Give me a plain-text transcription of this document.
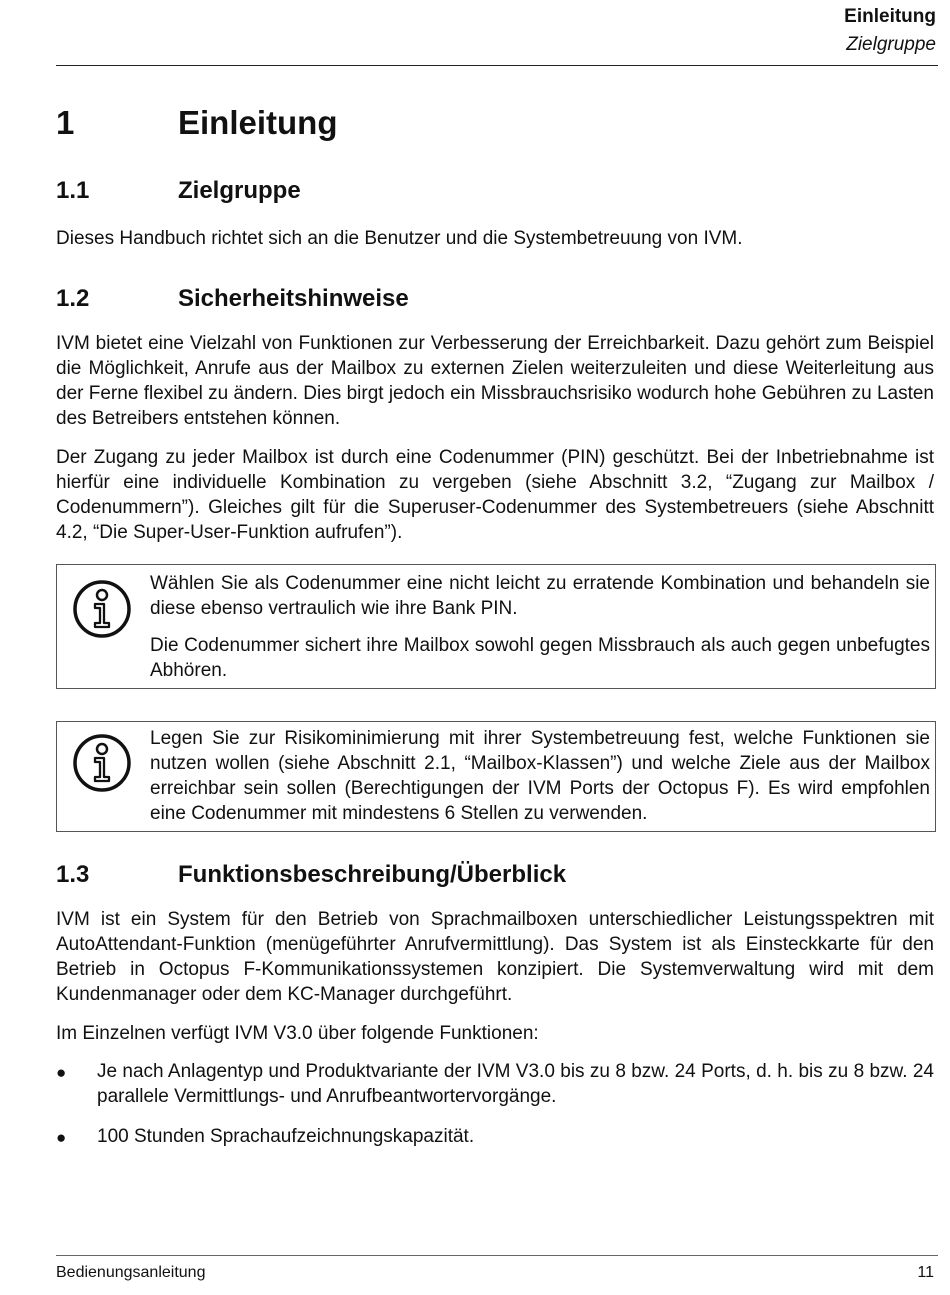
Einleitung
Zielgruppe
1	Einleitung
1.1	Zielgruppe
Dieses Handbuch richtet sich an die Benutzer und die Systembetreuung von IVM.
1.2	Sicherheitshinweise
IVM bietet eine Vielzahl von Funktionen zur Verbesserung der Erreichbarkeit. Dazu gehört zum Beispiel die Möglichkeit, Anrufe aus der Mailbox zu externen Zielen weiterzuleiten und diese Weiterleitung aus der Ferne flexibel zu ändern. Dies birgt jedoch ein Missbrauchsrisiko wodurch hohe Gebühren zu Lasten des Betreibers entstehen können.
Der Zugang zu jeder Mailbox ist durch eine Codenummer (PIN) geschützt. Bei der Inbetriebnahme ist hierfür eine individuelle Kombination zu vergeben (siehe Abschnitt 3.2, “Zugang zur Mailbox / Codenummern”). Gleiches gilt für die Superuser-Codenummer des Systembetreuers (siehe Abschnitt 4.2, “Die Super-User-Funktion aufrufen”).
Wählen Sie als Codenummer eine nicht leicht zu erratende Kombination und behandeln sie diese ebenso vertraulich wie ihre Bank PIN.
Die Codenummer sichert ihre Mailbox sowohl gegen Missbrauch als auch gegen unbefugtes Abhören.
Legen Sie zur Risikominimierung mit ihrer Systembetreuung fest, welche Funktionen sie nutzen wollen (siehe Abschnitt 2.1, “Mailbox-Klassen”) und welche Ziele aus der Mailbox erreichbar sein sollen (Berechtigungen der IVM Ports der Octopus F). Es wird empfohlen eine Codenummer mit mindestens 6 Stellen zu verwenden.
1.3	Funktionsbeschreibung/Überblick
IVM ist ein System für den Betrieb von Sprachmailboxen unterschiedlicher Leistungsspektren mit AutoAttendant-Funktion (menügeführter Anrufvermittlung). Das System ist als Einsteckkarte für den Betrieb in Octopus F-Kommunikationssystemen konzipiert. Die Systemverwaltung wird mit dem Kundenmanager oder dem KC-Manager durchgeführt.
Im Einzelnen verfügt IVM V3.0 über folgende Funktionen:
● Je nach Anlagentyp und Produktvariante der IVM V3.0 bis zu 8 bzw. 24 Ports, d. h. bis zu 8 bzw. 24 parallele Vermittlungs- und Anrufbeantwortervorgänge.
● 100 Stunden Sprachaufzeichnungskapazität.
Bedienungsanleitung	11
